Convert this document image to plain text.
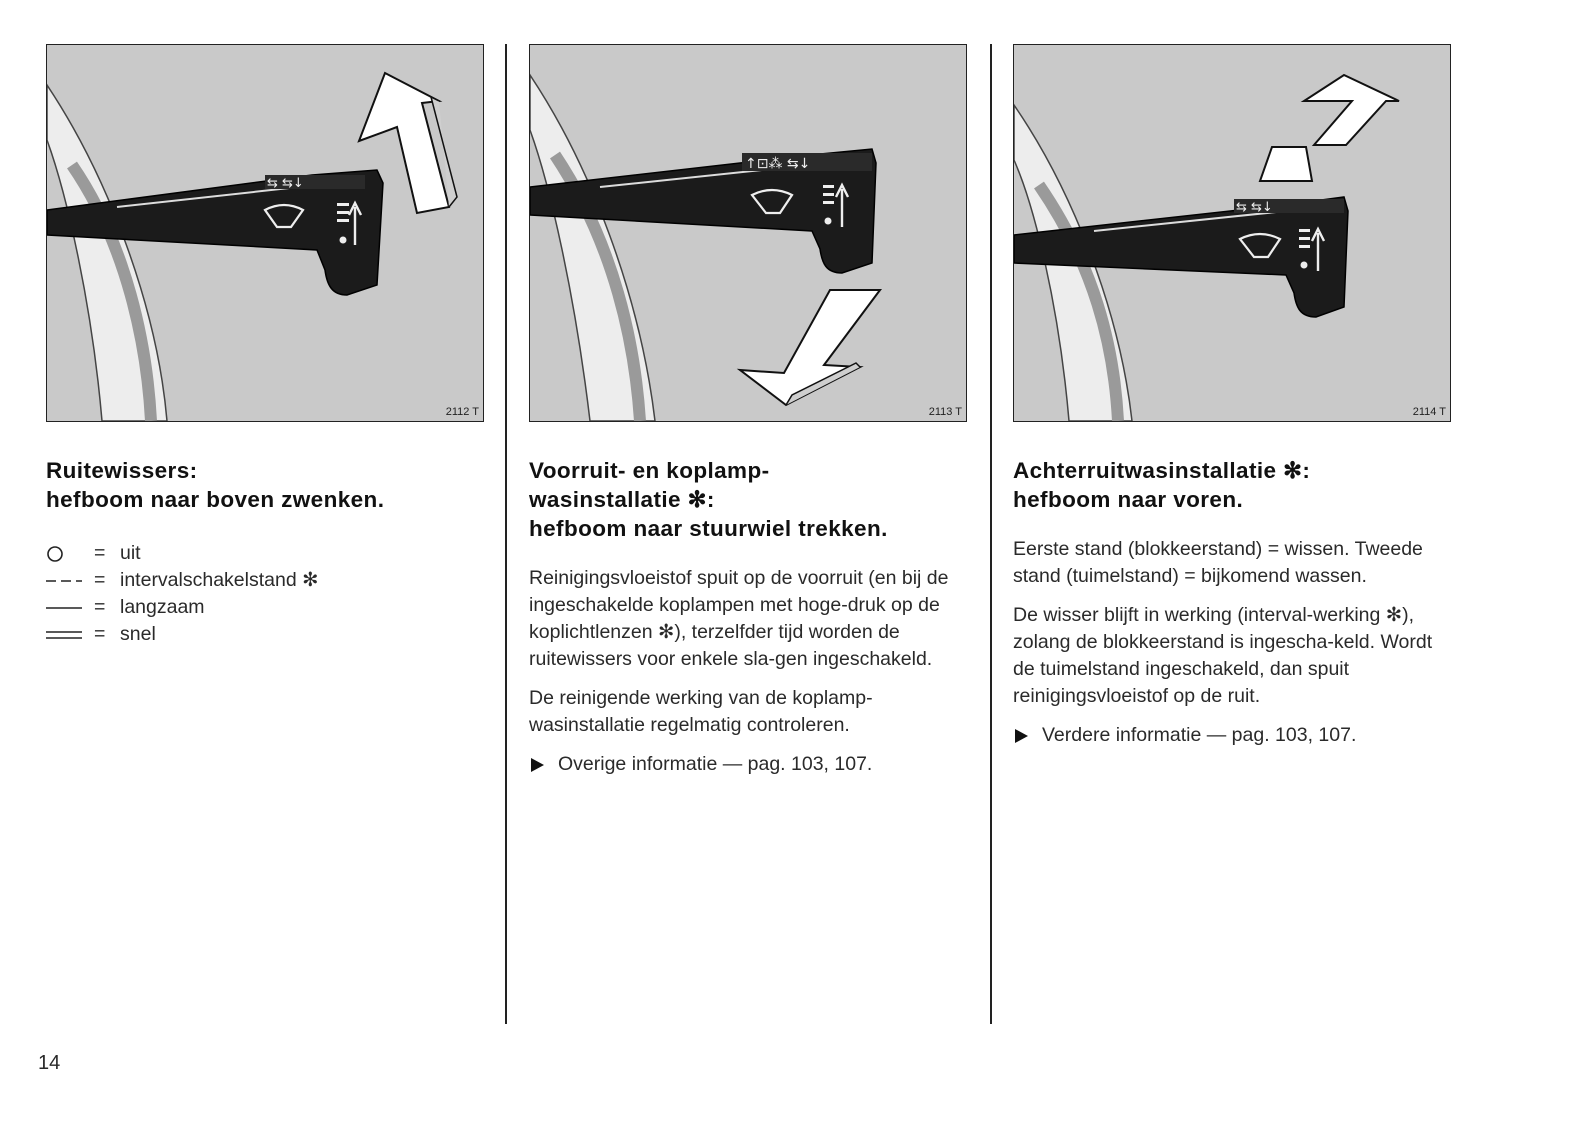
⇆ ⇆↓
2112 T
Ruitewissers:
hefboom naar boven zwenken.
= uit
= intervalschakelstand ✻
= langzaam
= snel
↑⊡⁂ ⇆↓
2113 T
Voorruit- en koplamp-
wasinstallatie ✻:
hefboom naar stuurwiel trekken.

Reinigingsvloeistof spuit op de voorruit (en bij de ingeschakelde koplampen met hoge-druk op de koplichtlenzen ✻), terzelfder tijd worden de ruitewissers voor enkele sla-gen ingeschakeld.

De reinigende werking van de koplamp-wasinstallatie regelmatig controleren.

Overige informatie — pag. 103, 107.
⇆ ⇆↓
2114 T
Achterruitwasinstallatie ✻:
hefboom naar voren.

Eerste stand (blokkeerstand) = wissen. Tweede stand (tuimelstand) = bijkomend wassen.

De wisser blijft in werking (interval-werking ✻), zolang de blokkeerstand is ingescha-keld. Wordt de tuimelstand ingeschakeld, dan spuit reinigingsvloeistof op de ruit.

Verdere informatie — pag. 103, 107.
14
